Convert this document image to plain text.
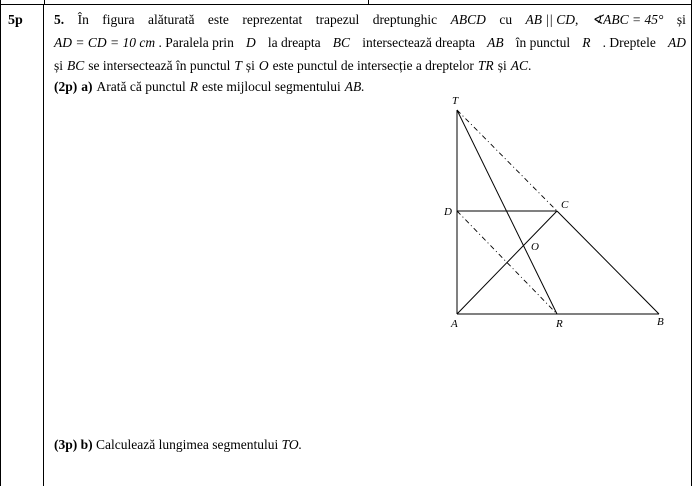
5p 5. În figura alăturată este reprezentat trapezul dreptunghic ABCD cu AB || CD, ∢ABC = 45° și
AD = CD = 10 cm . Paralela prin D la dreapta BC intersectează dreapta AB în punctul R . Dreptele AD
și BC se intersectează în punctul T și O este punctul de intersecție a dreptelor TR și AC.
(2p) a) Arată că punctul R este mijlocul segmentului AB.
T
D
C
O
A	R	B
(3p) b) Calculează lungimea segmentului TO.
